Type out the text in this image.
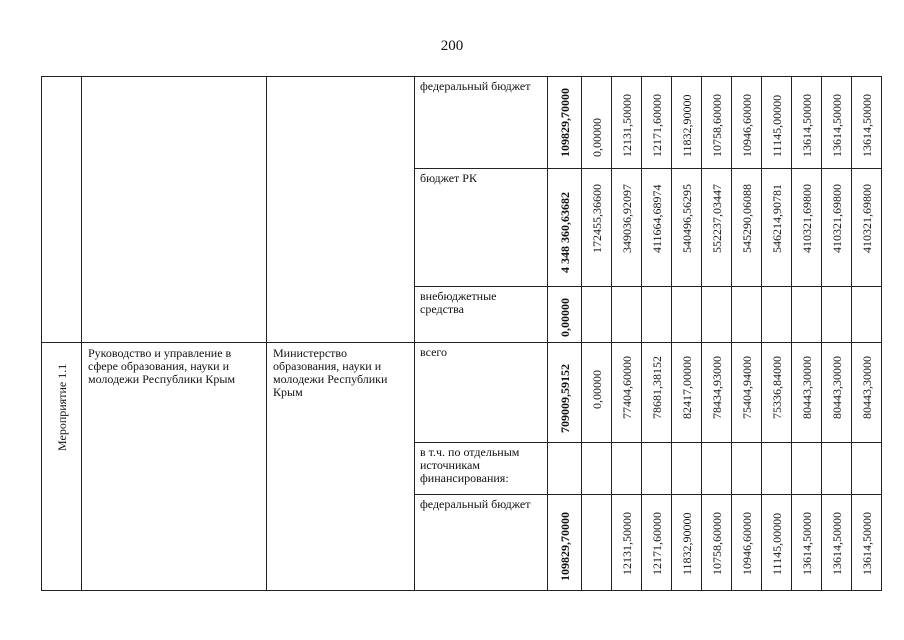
200
			федеральный бюджет	109829,70000	0,00000	12131,50000	12171,60000	11832,90000	10758,60000	10946,60000	11145,00000	13614,50000	13614,50000	13614,50000

			бюджет РК	4 348 360,63682	172455,36600	349036,92097	411664,68974	540496,56295	552237,03447	545290,06088	546214,90781	410321,69800	410321,69800	410321,69800

			внебюджетные средства	0,00000										

Мероприятие 1.1	Руководство и управление в сфере образования, науки и молодежи Республики Крым	Министерство образования, науки и молодежи Республики Крым	всего	709009,59152	0,00000	77404,60000	78681,38152	82417,00000	78434,93000	75404,94000	75336,84000	80443,30000	80443,30000	80443,30000

			в т.ч. по отдельным источникам финансирования:											
			федеральный бюджет	109829,70000		12131,50000	12171,60000	11832,90000	10758,60000	10946,60000	11145,00000	13614,50000	13614,50000	13614,50000
